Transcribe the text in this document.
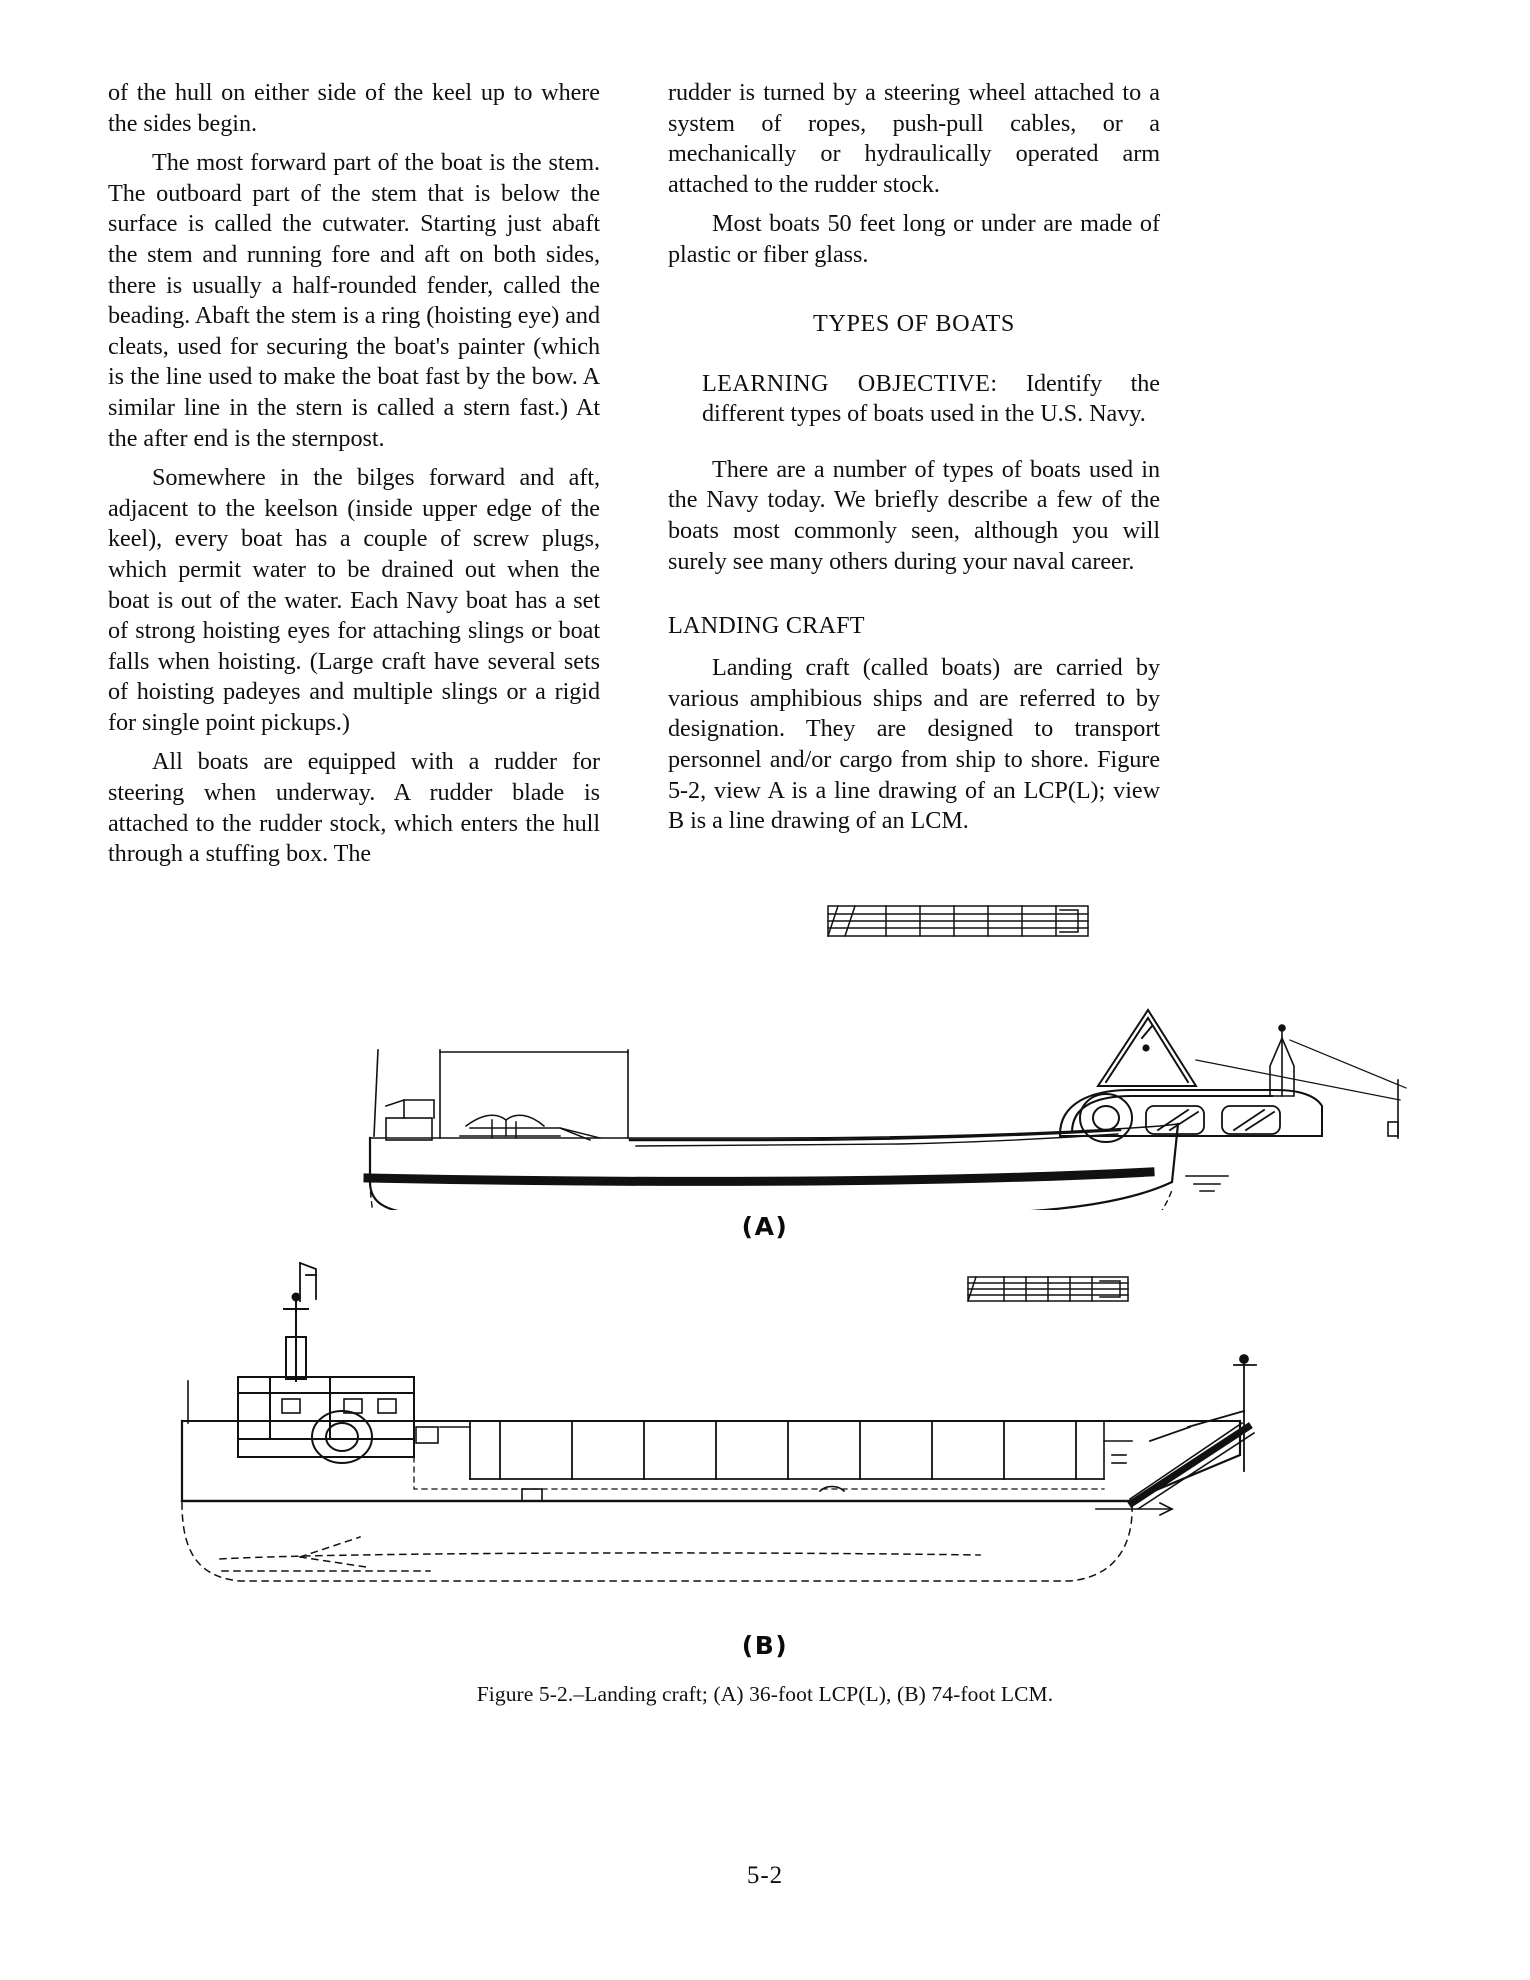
of the hull on either side of the keel up to where the sides begin.

The most forward part of the boat is the stem. The outboard part of the stem that is below the surface is called the cutwater. Starting just abaft the stem and running fore and aft on both sides, there is usually a half-rounded fender, called the beading. Abaft the stem is a ring (hoisting eye) and cleats, used for securing the boat's painter (which is the line used to make the boat fast by the bow. A similar line in the stern is called a stern fast.) At the after end is the sternpost.

Somewhere in the bilges forward and aft, adjacent to the keelson (inside upper edge of the keel), every boat has a couple of screw plugs, which permit water to be drained out when the boat is out of the water. Each Navy boat has a set of strong hoisting eyes for attaching slings or boat falls when hoisting. (Large craft have several sets of hoisting padeyes and multiple slings or a rigid for single point pickups.)

All boats are equipped with a rudder for steering when underway. A rudder blade is attached to the rudder stock, which enters the hull through a stuffing box. The

rudder is turned by a steering wheel attached to a system of ropes, push-pull cables, or a mechanically or hydraulically operated arm attached to the rudder stock.

Most boats 50 feet long or under are made of plastic or fiber glass.

TYPES OF BOATS

LEARNING OBJECTIVE: Identify the different types of boats used in the U.S. Navy.

There are a number of types of boats used in the Navy today. We briefly describe a few of the boats most commonly seen, although you will surely see many others during your naval career.

LANDING CRAFT

Landing craft (called boats) are carried by various amphibious ships and are referred to by designation. They are designed to transport personnel and/or cargo from ship to shore. Figure 5-2, view A is a line drawing of an LCP(L); view B is a line drawing of an LCM.

(A)
(B)
Figure 5-2.–Landing craft; (A) 36-foot LCP(L), (B) 74-foot LCM.
5-2
